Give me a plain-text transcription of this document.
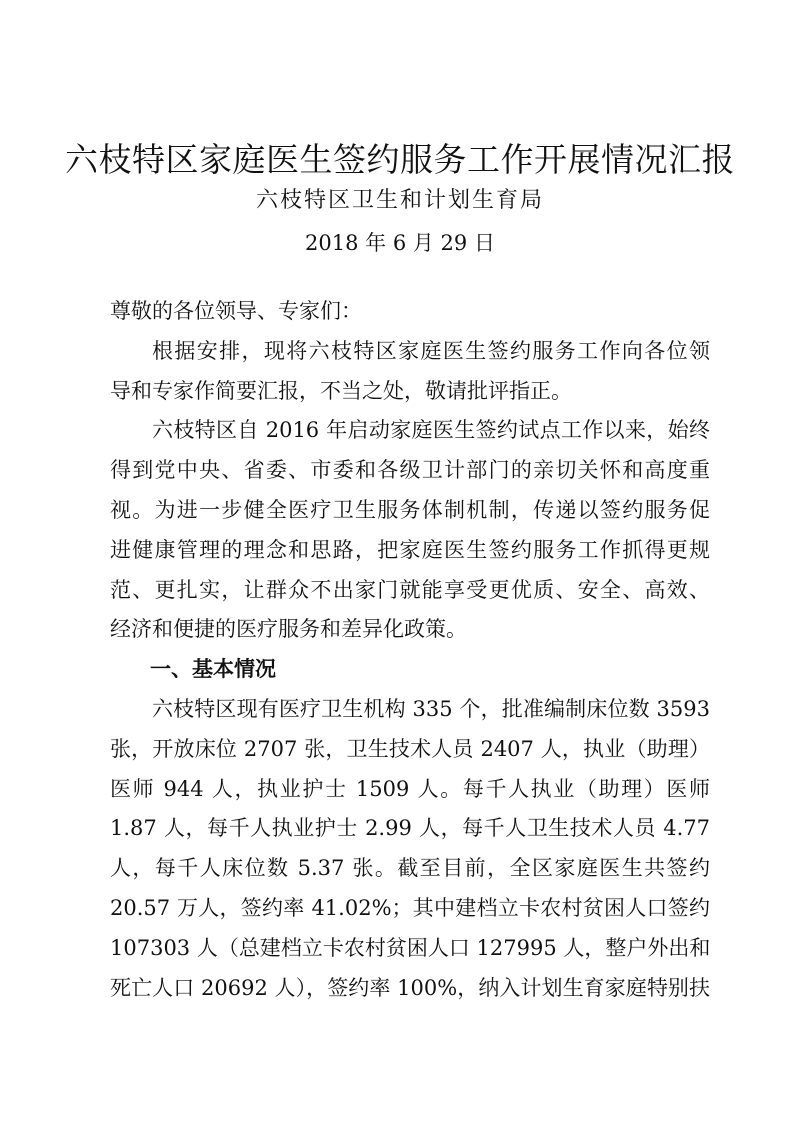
六枝特区家庭医生签约服务工作开展情况汇报
六枝特区卫生和计划生育局
2018 年 6 月 29 日
尊敬的各位领导、专家们：
根据安排，现将六枝特区家庭医生签约服务工作向各位领
导和专家作简要汇报，不当之处，敬请批评指正。
六枝特区自 2016 年启动家庭医生签约试点工作以来，始终
得到党中央、省委、市委和各级卫计部门的亲切关怀和高度重
视。为进一步健全医疗卫生服务体制机制，传递以签约服务促
进健康管理的理念和思路，把家庭医生签约服务工作抓得更规
范、更扎实，让群众不出家门就能享受更优质、安全、高效、
经济和便捷的医疗服务和差异化政策。
一、基本情况
六枝特区现有医疗卫生机构 335 个，批准编制床位数 3593
张，开放床位 2707 张，卫生技术人员 2407 人，执业（助理）
医师 944 人，执业护士 1509 人。每千人执业（助理）医师
1.87 人，每千人执业护士 2.99 人，每千人卫生技术人员 4.77
人，每千人床位数 5.37 张。截至目前，全区家庭医生共签约
20.57 万人，签约率 41.02%；其中建档立卡农村贫困人口签约
107303 人（总建档立卡农村贫困人口 127995 人，整户外出和
死亡人口 20692 人），签约率 100%，纳入计划生育家庭特别扶
